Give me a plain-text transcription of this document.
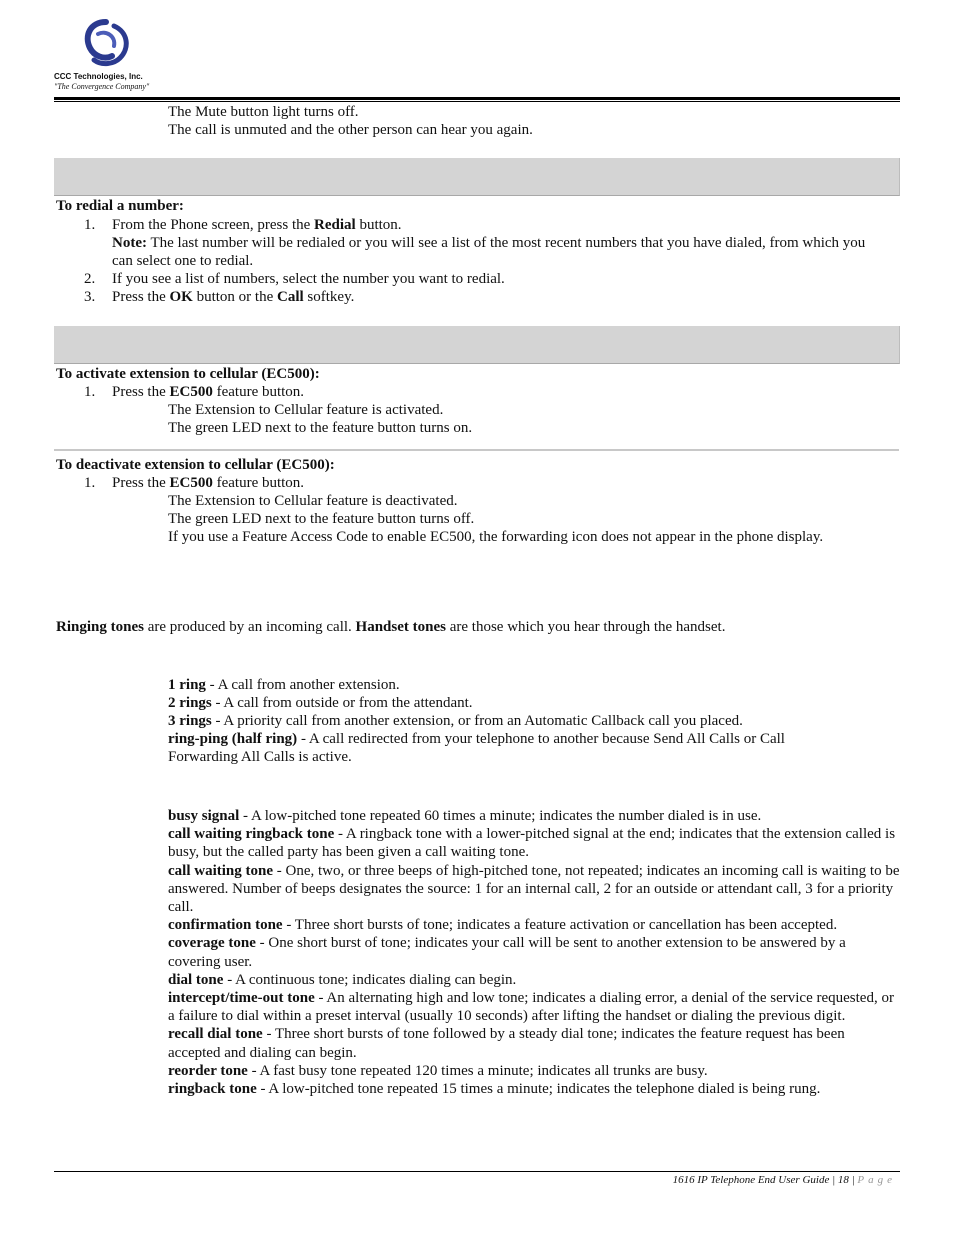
CCC Technologies, Inc.
"The Convergence Company"
The Mute button light turns off.
The call is unmuted and the other person can hear you again.
To redial a number:
1. From the Phone screen, press the Redial button.
Note: The last number will be redialed or you will see a list of the most recent numbers that you have dialed, from which you can select one to redial.
2. If you see a list of numbers, select the number you want to redial.
3. Press the OK button or the Call softkey.
To activate extension to cellular (EC500):
1. Press the EC500 feature button.
The Extension to Cellular feature is activated.
The green LED next to the feature button turns on.
To deactivate extension to cellular (EC500):
1. Press the EC500 feature button.
The Extension to Cellular feature is deactivated.
The green LED next to the feature button turns off.
If you use a Feature Access Code to enable EC500, the forwarding icon does not appear in the phone display.
Ringing tones are produced by an incoming call. Handset tones are those which you hear through the handset.
1 ring - A call from another extension.
2 rings - A call from outside or from the attendant.
3 rings - A priority call from another extension, or from an Automatic Callback call you placed.
ring-ping (half ring) - A call redirected from your telephone to another because Send All Calls or Call Forwarding All Calls is active.
busy signal - A low-pitched tone repeated 60 times a minute; indicates the number dialed is in use.
call waiting ringback tone - A ringback tone with a lower-pitched signal at the end; indicates that the extension called is busy, but the called party has been given a call waiting tone.
call waiting tone - One, two, or three beeps of high-pitched tone, not repeated; indicates an incoming call is waiting to be answered. Number of beeps designates the source: 1 for an internal call, 2 for an outside or attendant call, 3 for a priority call.
confirmation tone - Three short bursts of tone; indicates a feature activation or cancellation has been accepted.
coverage tone - One short burst of tone; indicates your call will be sent to another extension to be answered by a covering user.
dial tone - A continuous tone; indicates dialing can begin.
intercept/time-out tone - An alternating high and low tone; indicates a dialing error, a denial of the service requested, or a failure to dial within a preset interval (usually 10 seconds) after lifting the handset or dialing the previous digit.
recall dial tone - Three short bursts of tone followed by a steady dial tone; indicates the feature request has been accepted and dialing can begin.
reorder tone - A fast busy tone repeated 120 times a minute; indicates all trunks are busy.
ringback tone - A low-pitched tone repeated 15 times a minute; indicates the telephone dialed is being rung.
1616 IP Telephone End User Guide | 18 | Page
